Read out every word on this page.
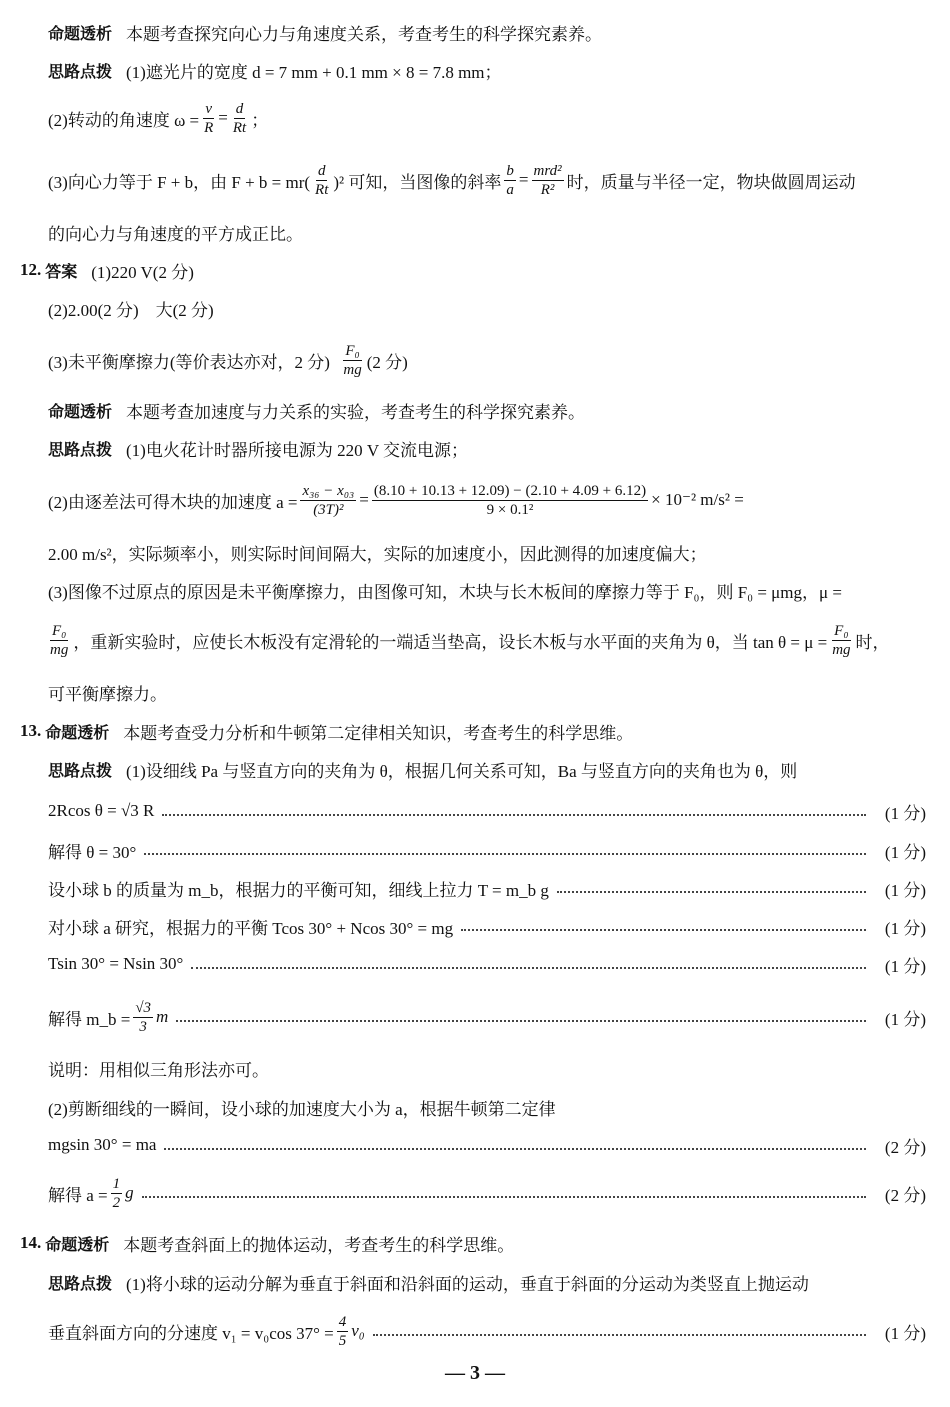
命题透析 本题考查探究向心力与角速度关系，考查考生的科学探究素养。
思路点拨 (1)遮光片的宽度 d = 7 mm + 0.1 mm × 8 = 7.8 mm；
(2)转动的角速度 $\omega = \frac{v}{R} = \frac{d}{Rt}$ ；
(3)向心力等于 F + b，由 $F + b = mr( \frac{d}{Rt} )^2$ 可知，当图像的斜率 $\frac{b}{a} = \frac{\text{mrd²}}{\text{R²}}$ 时，质量与半径一定，物块做圆周运动
的向心力与角速度的平方成正比。
12. 答案 (1)220 V(2 分)
(2)2.00(2 分)　大(2 分)
(3)未平衡摩擦力(等价表达亦对，2 分)
$\frac{\text{F₀}}{mg} (2$ 分)
命题透析 本题考查加速度与力关系的实验，考查考生的科学探究素养。
思路点拨 (1)电火花计时器所接电源为 220 V 交流电源；
(2)由逐差法可得木块的加速度 $a = \frac{\text{x₃₆ − x₀₃}}{\text{(3T)²}} = \frac{(8.10 + 10.13 + 12.09) - (2.10 + 4.09 + 6.12)}{\text{9 × 0.1²}} \times 10^{-2}$ m/s² =
2.00 m/s²，实际频率小，则实际时间间隔大，实际的加速度小，因此测得的加速度偏大；
(3)图像不过原点的原因是未平衡摩擦力，由图像可知，木块与长木板间的摩擦力等于 F₀，则 F₀ = μmg，μ =
$\frac{\text{F₀}}{mg}$ ，重新实验时，应使长木板没有定滑轮的一端适当垫高，设长木板与水平面的夹角为 θ，当 $\tan \theta = \mu = \frac{\text{F₀}}{mg}$ 时，
可平衡摩擦力。
13. 命题透析 本题考查受力分析和牛顿第二定律相关知识，考查考生的科学思维。
思路点拨 (1)设细线 Pa 与竖直方向的夹角为 θ，根据几何关系可知，Ba 与竖直方向的夹角也为 θ，则
2Rcos θ = √3 R	(1 分)
解得 θ = 30°	(1 分)
设小球 b 的质量为 m_b，根据力的平衡可知，细线上拉力 T = m_b g	(1 分)
对小球 a 研究，根据力的平衡 Tcos 30° + Ncos 30° = mg	(1 分)
Tsin 30° = Nsin 30°	(1 分)
解得 m_b = $\frac{√3}{3}$ m	(1 分)
说明：用相似三角形法亦可。
(2)剪断细线的一瞬间，设小球的加速度大小为 a，根据牛顿第二定律
mgsin 30° = ma	(2 分)
解得 $a = \frac{1}{2}$ g	(2 分)
14. 命题透析 本题考查斜面上的抛体运动，考查考生的科学思维。
思路点拨 (1)将小球的运动分解为垂直于斜面和沿斜面的运动，垂直于斜面的分运动为类竖直上抛运动
垂直斜面方向的分速度 v₁ = v₀cos $37^\circ = \frac{4}{5} v_0$	(1 分)
— 3 —
